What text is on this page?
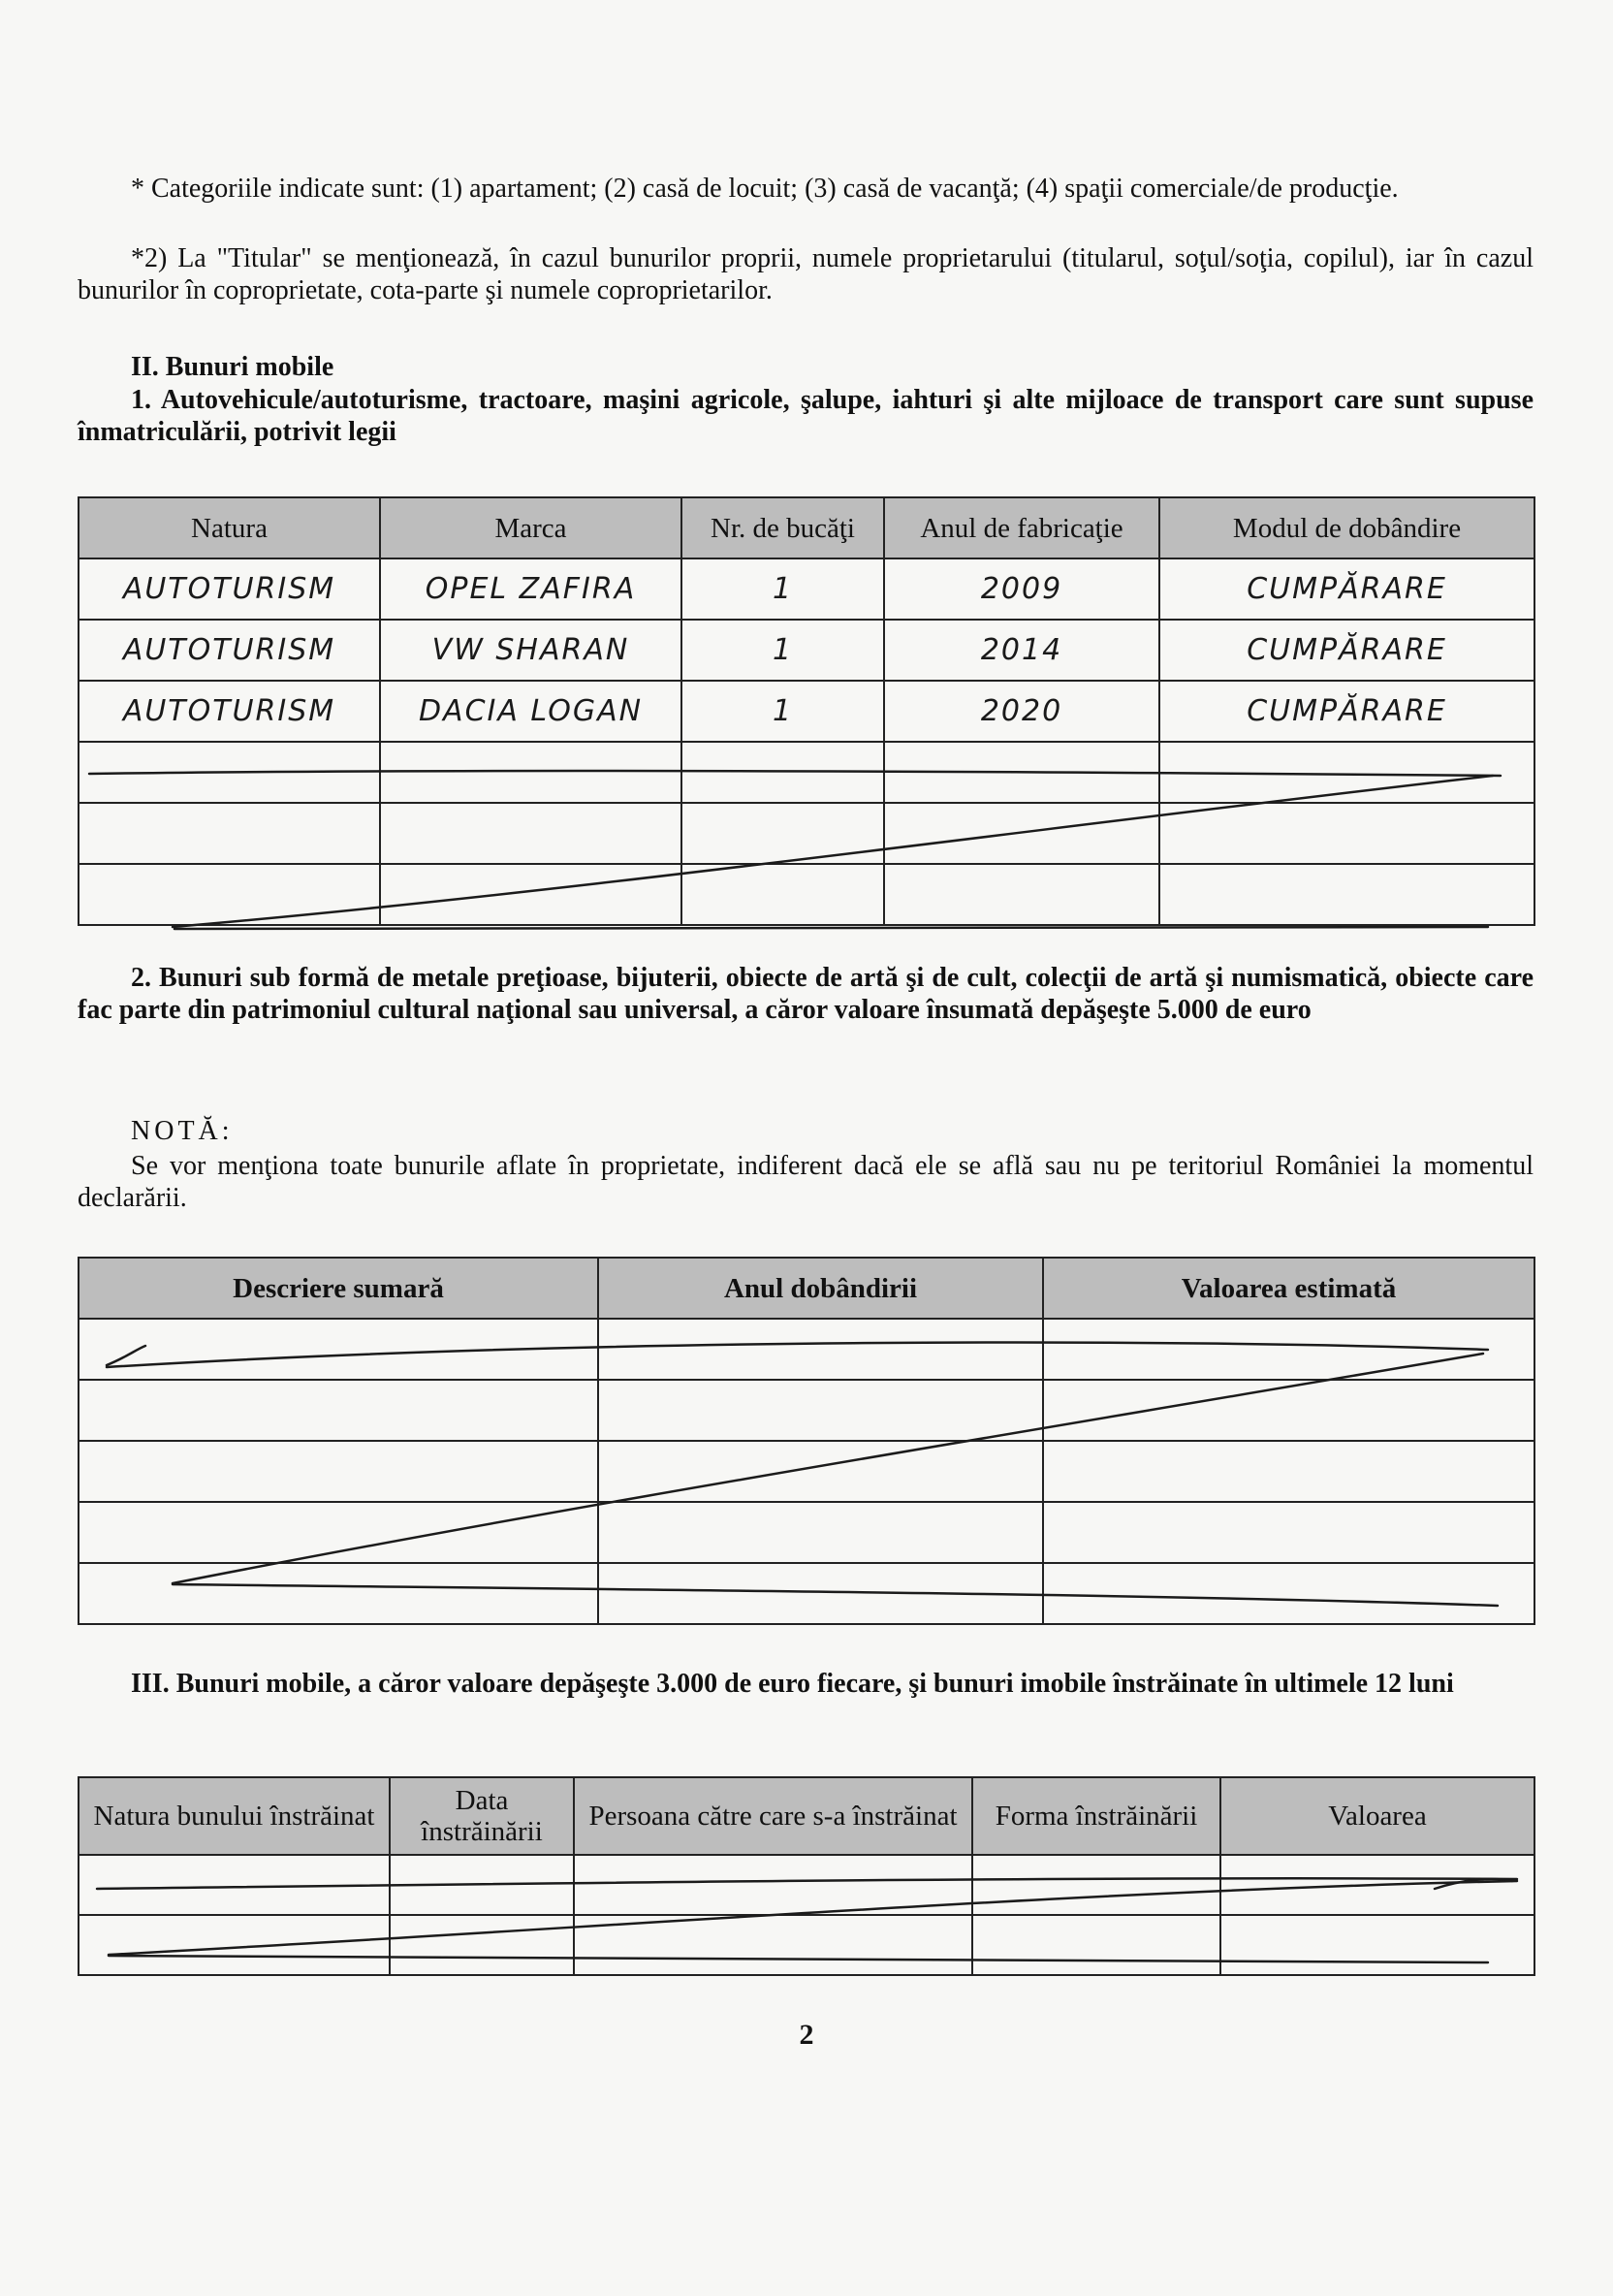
* Categoriile indicate sunt: (1) apartament; (2) casă de locuit; (3) casă de vacanţă; (4) spaţii comerciale/de producţie.
*2) La "Titular" se menţionează, în cazul bunurilor proprii, numele proprietarului (titularul, soţul/soţia, copilul), iar în cazul bunurilor în coproprietate, cota-parte şi numele coproprietarilor.
II. Bunuri mobile
1. Autovehicule/autoturisme, tractoare, maşini agricole, şalupe, iahturi şi alte mijloace de transport care sunt supuse înmatriculării, potrivit legii
Natura	Marca	Nr. de bucăţi	Anul de fabricaţie	Modul de dobândire
AUTOTURISM	OPEL ZAFIRA	1	2009	CUMPĂRARE
AUTOTURISM	VW SHARAN	1	2014	CUMPĂRARE
AUTOTURISM	DACIA LOGAN	1	2020	CUMPĂRARE

2. Bunuri sub formă de metale preţioase, bijuterii, obiecte de artă şi de cult, colecţii de artă şi numismatică, obiecte care fac parte din patrimoniul cultural naţional sau universal, a căror valoare însumată depăşeşte 5.000 de euro
NOTĂ:
Se vor menţiona toate bunurile aflate în proprietate, indiferent dacă ele se află sau nu pe teritoriul României la momentul declarării.
Descriere sumară	Anul dobândirii	Valoarea estimată

III. Bunuri mobile, a căror valoare depăşeşte 3.000 de euro fiecare, şi bunuri imobile înstrăinate în ultimele 12 luni
Natura bunului înstrăinat	Data înstrăinării	Persoana către care s-a înstrăinat	Forma înstrăinării	Valoarea

2
